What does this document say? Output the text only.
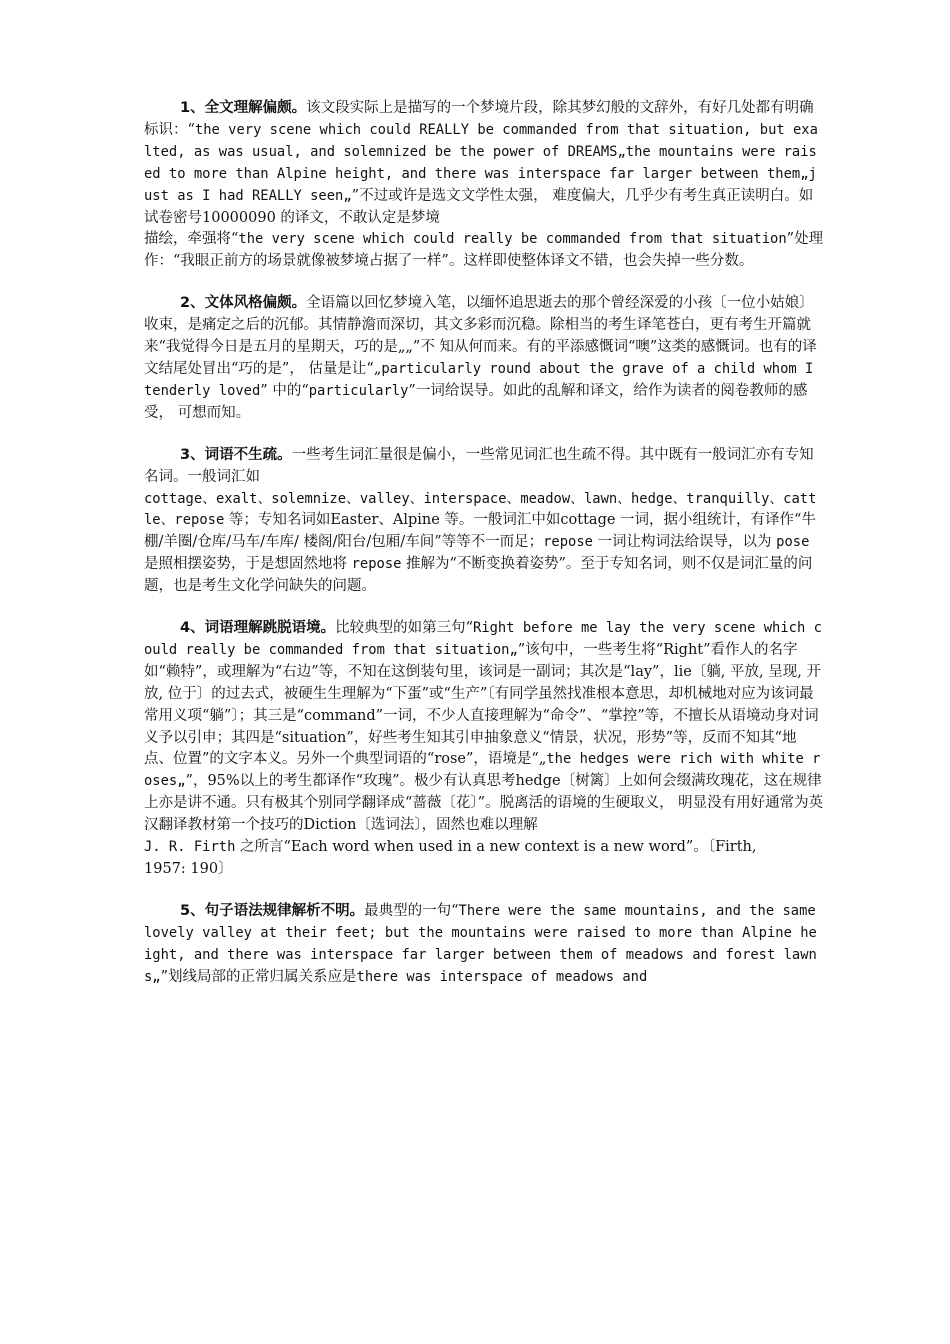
1、全文理解偏颇。该文段实际上是描写的一个梦境片段，除其梦幻般的文辞外，有好几处都有明确标识：“the very scene which could REALLY be commanded from that situation, but exalted, as was usual, and solemnized be the power of DREAMS„the mountains were raised to more than Alpine height, and there was interspace far larger between them„just as I had REALLY seen„”不过或许是选文文学性太强， 难度偏大，几乎少有考生真正读明白。如试卷密号10000090 的译文，不敢认定是梦境
描绘，牵强将“the very scene which could really be commanded from that situation”处理作：“我眼正前方的场景就像被梦境占据了一样”。这样即使整体译文不错，也会失掉一些分数。

2、文体风格偏颇。全语篇以回忆梦境入笔，以缅怀追思逝去的那个曾经深爱的小孩〔一位小姑娘〕收束，是痛定之后的沉郁。其情静澹而深切，其文多彩而沉稳。除相当的考生译笔苍白，更有考生开篇就来“我觉得今日是五月的星期天，巧的是„„”不 知从何而来。有的平添感慨词“噢”这类的感慨词。也有的译文结尾处冒出“巧的是”， 估量是让“„particularly round about the grave of a child whom I tenderly loved” 中的“particularly”一词给误导。如此的乱解和译文，给作为读者的阅卷教师的感受， 可想而知。

3、词语不生疏。一些考生词汇量很是偏小，一些常见词汇也生疏不得。其中既有一般词汇亦有专知名词。一般词汇如
cottage、exalt、solemnize、valley、interspace、meadow、lawn、hedge、tranquilly、cattle、repose 等；专知名词如Easter、Alpine 等。一般词汇中如cottage 一词，据小组统计，有译作“牛棚/羊圈/仓库/马车/车库/ 楼阁/阳台/包厢/车间”等等不一而足；repose 一词让构词法给误导，以为 pose 是照相摆姿势，于是想固然地将 repose 推解为“不断变换着姿势”。至于专知名词，则不仅是词汇量的问题，也是考生文化学问缺失的问题。

4、词语理解跳脱语境。比较典型的如第三句“Right before me lay the very scene which could really be commanded from that situation„”该句中，一些考生将“Right”看作人的名字如“赖特”，或理解为“右边”等，不知在这倒装句里，该词是一副词；其次是“lay”，lie〔躺, 平放, 呈现, 开放, 位于〕的过去式，被硬生生理解为“下蛋”或“生产”〔有同学虽然找准根本意思，却机械地对应为该词最常用义项“躺”〕；其三是“command”一词，不少人直接理解为“命令”、“掌控”等，不擅长从语境动身对词义予以引申；其四是“situation”，好些考生知其引申抽象意义“情景，状况，形势”等，反而不知其“地点、位置”的文字本义。另外一个典型词语的“rose”，语境是“„the hedges were rich with white roses„”，95%以上的考生都译作“玫瑰”。极少有认真思考hedge〔树篱〕上如何会缀满玫瑰花，这在规律上亦是讲不通。只有极其个别同学翻译成“蔷薇〔花〕”。脱离活的语境的生硬取义， 明显没有用好通常为英汉翻译教材第一个技巧的Diction〔选词法〕，固然也难以理解
J. R. Firth 之所言“Each word when used in a new context is a new word”。〔Firth,
1957: 190〕

5、句子语法规律解析不明。最典型的一句“There were the same mountains, and the same lovely valley at their feet; but the mountains were raised to more than Alpine height, and there was interspace far larger between them of meadows and forest lawns„”划线局部的正常归属关系应是there was interspace of meadows and
